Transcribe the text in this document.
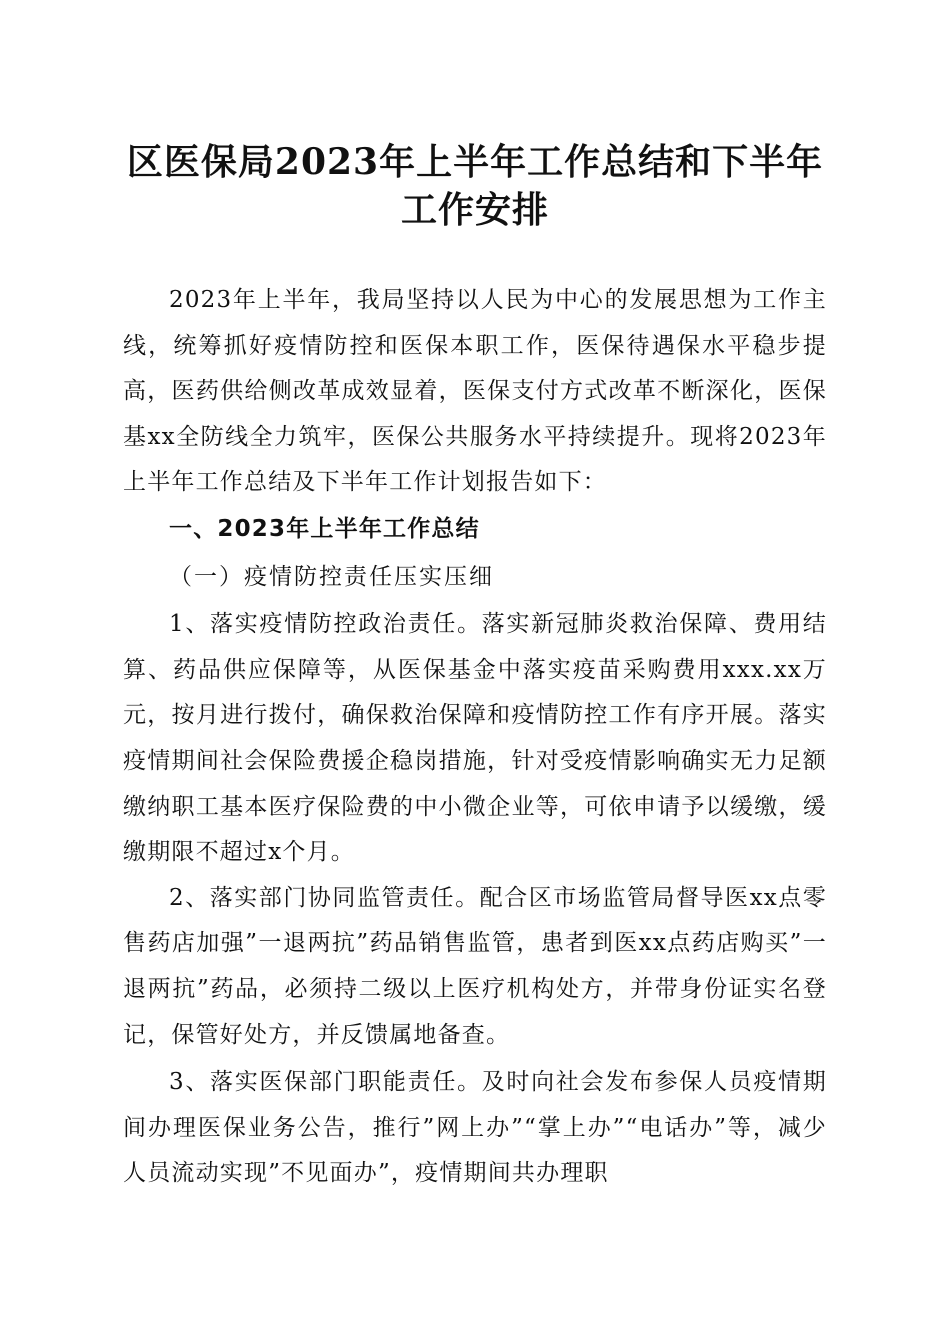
区医保局2023年上半年工作总结和下半年工作安排

2023年上半年，我局坚持以人民为中心的发展思想为工作主线，统筹抓好疫情防控和医保本职工作，医保待遇保水平稳步提高，医药供给侧改革成效显着，医保支付方式改革不断深化，医保基xx全防线全力筑牢，医保公共服务水平持续提升。现将2023年上半年工作总结及下半年工作计划报告如下：

一、2023年上半年工作总结

（一）疫情防控责任压实压细

1、落实疫情防控政治责任。落实新冠肺炎救治保障、费用结算、药品供应保障等，从医保基金中落实疫苗采购费用xxx.xx万元，按月进行拨付，确保救治保障和疫情防控工作有序开展。落实疫情期间社会保险费援企稳岗措施，针对受疫情影响确实无力足额缴纳职工基本医疗保险费的中小微企业等，可依申请予以缓缴，缓缴期限不超过x个月。

2、落实部门协同监管责任。配合区市场监管局督导医xx点零售药店加强”一退两抗”药品销售监管，患者到医xx点药店购买”一退两抗”药品，必须持二级以上医疗机构处方，并带身份证实名登记，保管好处方，并反馈属地备查。

3、落实医保部门职能责任。及时向社会发布参保人员疫情期间办理医保业务公告，推行”网上办”“掌上办”“电话办”等，减少人员流动实现”不见面办”，疫情期间共办理职
